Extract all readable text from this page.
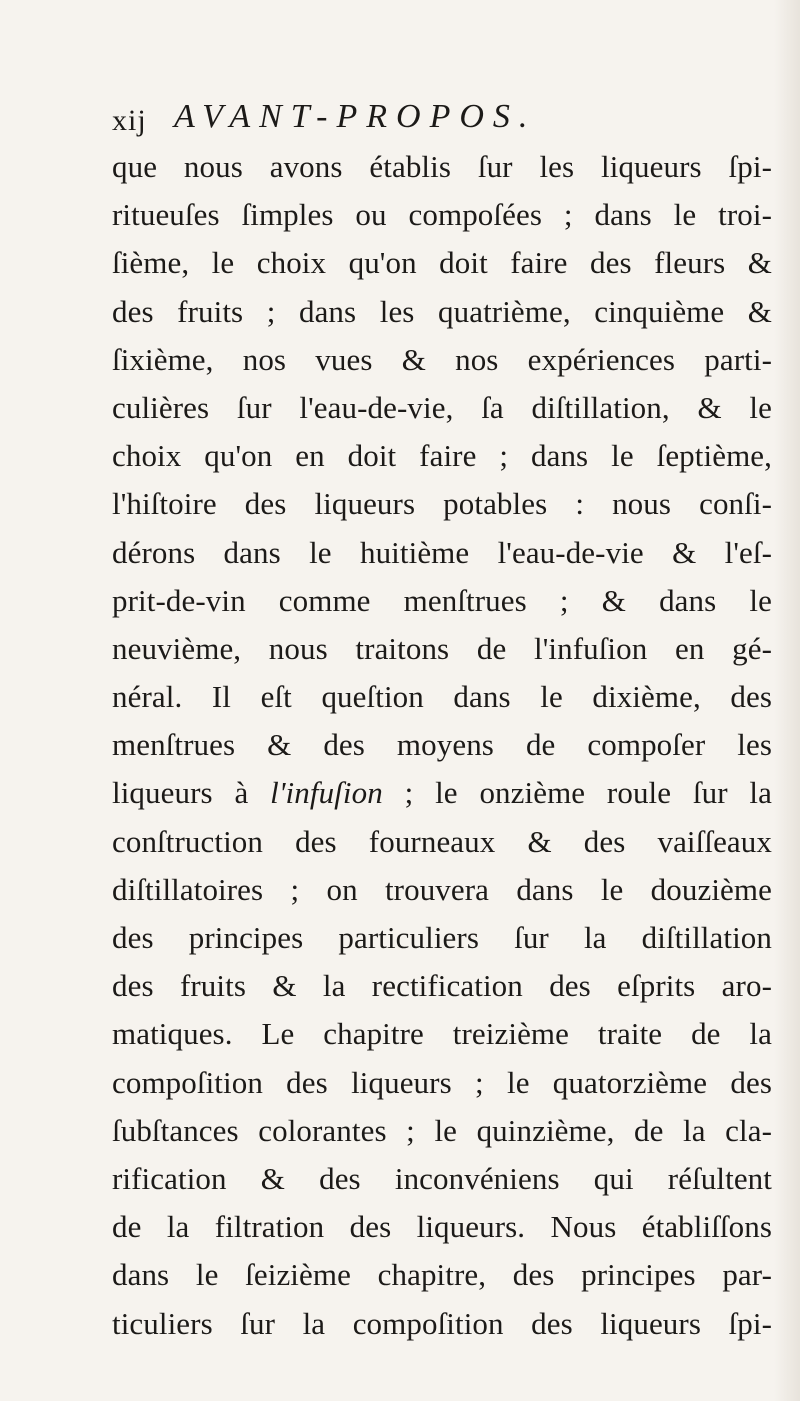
xij AVANT-PROPOS.
que nous avons établis ſur les liqueurs ſpi-
ritueuſes ſimples ou compoſées ; dans le troi-
ſième, le choix qu'on doit faire des fleurs &
des fruits ; dans les quatrième, cinquième &
ſixième, nos vues & nos expériences parti-
culières ſur l'eau-de-vie, ſa diſtillation, & le
choix qu'on en doit faire ; dans le ſeptième,
l'hiſtoire des liqueurs potables : nous conſi-
dérons dans le huitième l'eau-de-vie & l'eſ-
prit-de-vin comme menſtrues ; & dans le
neuvième, nous traitons de l'infuſion en gé-
néral. Il eſt queſtion dans le dixième, des
menſtrues & des moyens de compoſer les
liqueurs à l'infuſion ; le onzième roule ſur la
conſtruction des fourneaux & des vaiſſeaux
diſtillatoires ; on trouvera dans le douzième
des principes particuliers ſur la diſtillation
des fruits & la rectification des eſprits aro-
matiques. Le chapitre treizième traite de la
compoſition des liqueurs ; le quatorzième des
ſubſtances colorantes ; le quinzième, de la cla-
rification & des inconvéniens qui réſultent
de la filtration des liqueurs. Nous établiſſons
dans le ſeizième chapitre, des principes par-
ticuliers ſur la compoſition des liqueurs ſpi-
